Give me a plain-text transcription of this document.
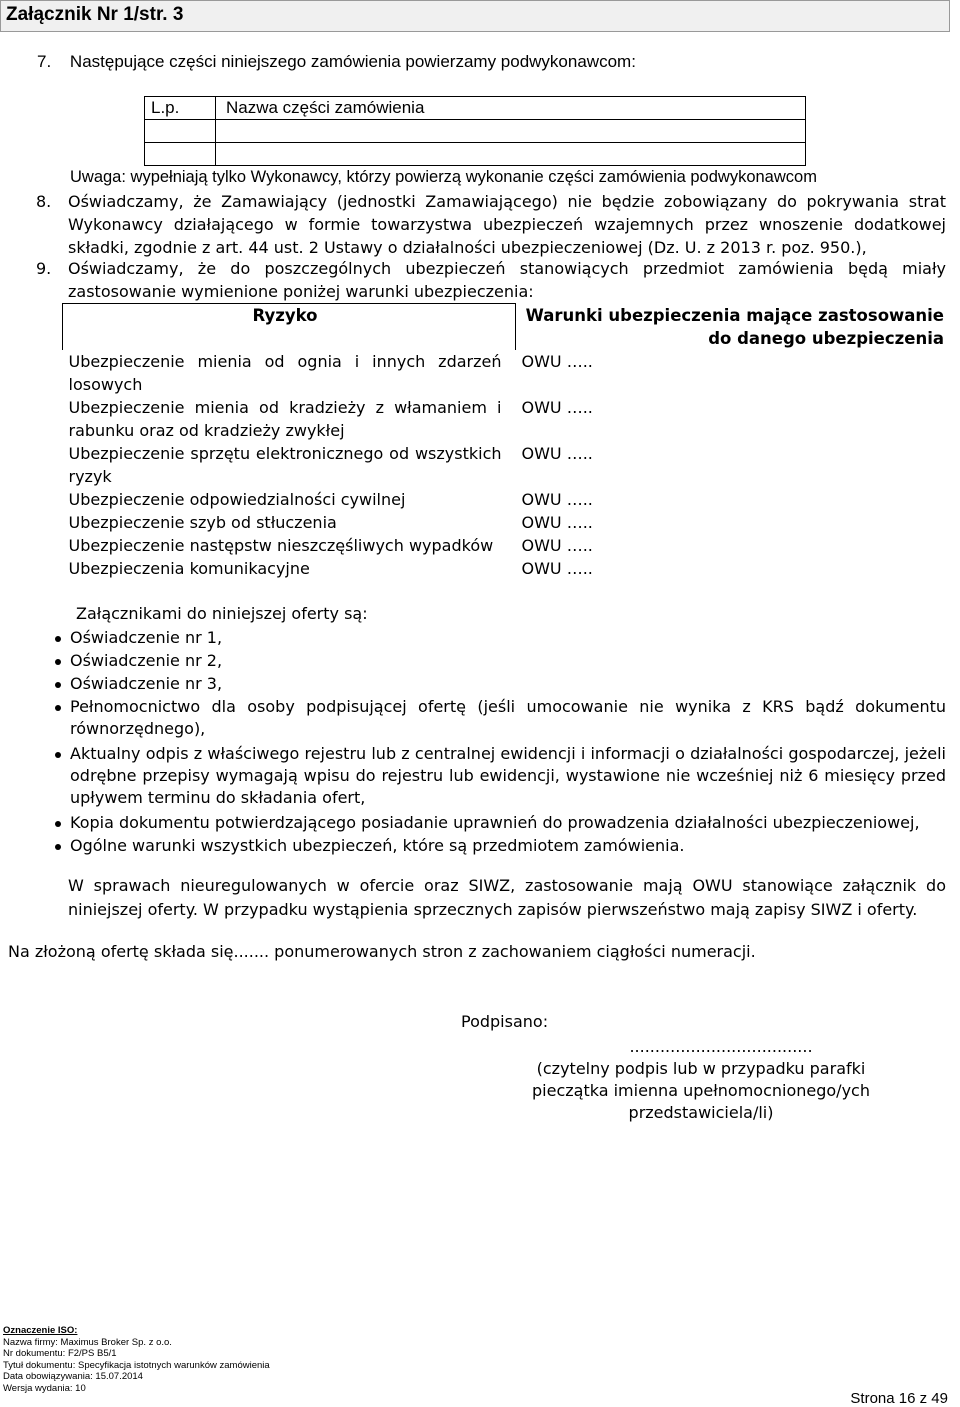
Załącznik Nr 1/str. 3
7. Następujące części niniejszego zamówienia powierzamy podwykonawcom:
L.p.	Nazwa części zamówienia

Uwaga: wypełniają tylko Wykonawcy, którzy powierzą wykonanie części zamówienia podwykonawcom
8. Oświadczamy, że Zamawiający (jednostki Zamawiającego) nie będzie zobowiązany do pokrywania strat Wykonawcy działającego w formie towarzystwa ubezpieczeń wzajemnych przez wnoszenie dodatkowej składki, zgodnie z art. 44 ust. 2 Ustawy o działalności ubezpieczeniowej (Dz. U. z 2013 r. poz. 950.),
9. Oświadczamy, że do poszczególnych ubezpieczeń stanowiących przedmiot zamówienia będą miały zastosowanie wymienione poniżej warunki ubezpieczenia:
Ryzyko	Warunki ubezpieczenia mające zastosowanie do danego ubezpieczenia
Ubezpieczenie mienia od ognia i innych zdarzeń losowych	OWU …..
Ubezpieczenie mienia od kradzieży z włamaniem i rabunku oraz od kradzieży zwykłej	OWU …..
Ubezpieczenie sprzętu elektronicznego od wszystkich ryzyk	OWU …..
Ubezpieczenie odpowiedzialności cywilnej	OWU …..
Ubezpieczenie szyb od stłuczenia	OWU …..
Ubezpieczenie następstw nieszczęśliwych wypadków	OWU …..
Ubezpieczenia komunikacyjne	OWU …..
Załącznikami do niniejszej oferty są:
Oświadczenie nr 1,
Oświadczenie nr 2,
Oświadczenie nr 3,
Pełnomocnictwo dla osoby podpisującej ofertę (jeśli umocowanie nie wynika z KRS bądź dokumentu równorzędnego),
Aktualny odpis z właściwego rejestru lub z centralnej ewidencji i informacji o działalności gospodarczej, jeżeli odrębne przepisy wymagają wpisu do rejestru lub ewidencji, wystawione nie wcześniej niż 6 miesięcy przed upływem terminu do składania ofert,
Kopia dokumentu potwierdzającego posiadanie uprawnień do prowadzenia działalności ubezpieczeniowej,
Ogólne warunki wszystkich ubezpieczeń, które są przedmiotem zamówienia.
W sprawach nieuregulowanych w ofercie oraz SIWZ, zastosowanie mają OWU stanowiące załącznik do niniejszej oferty. W przypadku wystąpienia sprzecznych zapisów pierwszeństwo mają zapisy SIWZ i oferty.
Na złożoną ofertę składa się....... ponumerowanych stron z zachowaniem ciągłości numeracji.
Podpisano:
....................................
(czytelny podpis lub w przypadku parafki
pieczątka imienna upełnomocnionego/ych
przedstawiciela/li)
Oznaczenie ISO:
Nazwa firmy: Maximus Broker Sp. z o.o.
Nr dokumentu: F2/PS B5/1
Tytuł dokumentu: Specyfikacja istotnych warunków zamówienia
Data obowiązywania: 15.07.2014
Wersja wydania: 10
Strona 16 z 49
